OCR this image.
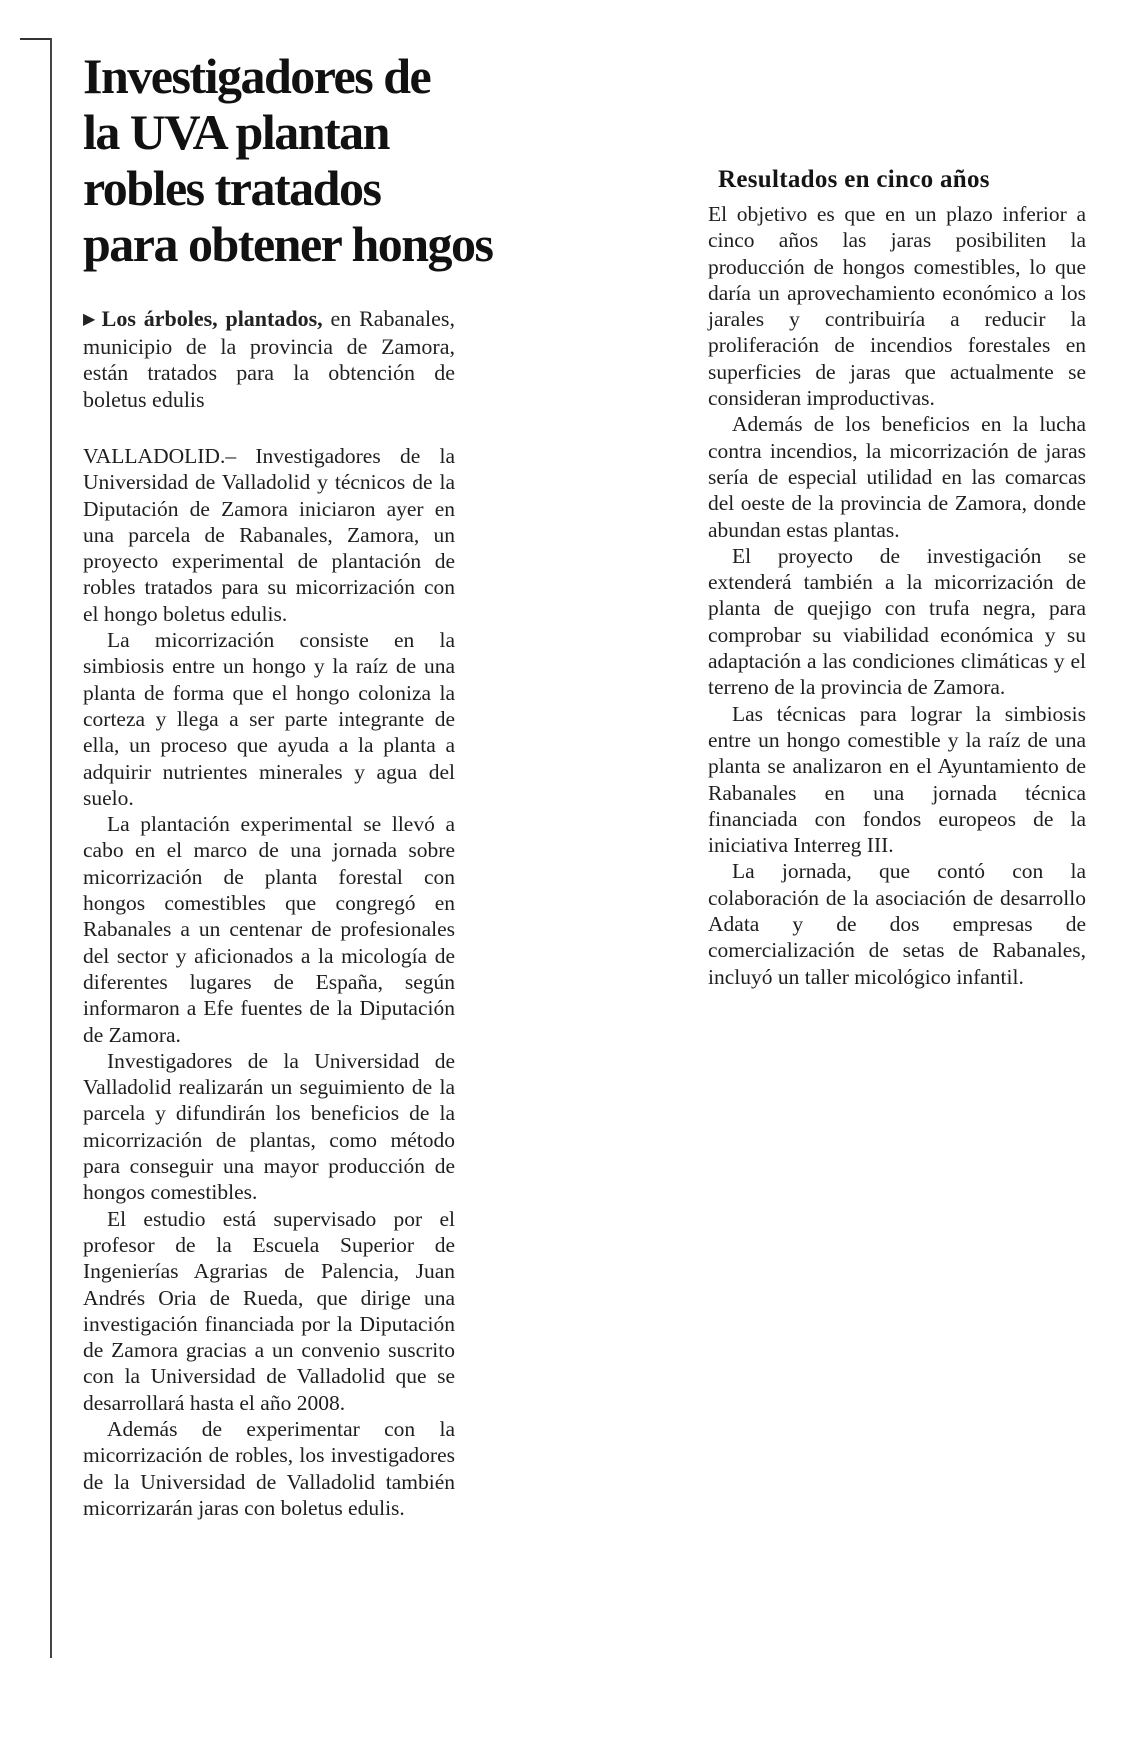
Investigadores de
la UVA plantan
robles tratados
para obtener hongos

▶ Los árboles, plantados, en Rabanales, municipio de la provincia de Zamora, están tratados para la obtención de boletus edulis

VALLADOLID.– Investigadores de la Universidad de Valladolid y técnicos de la Diputación de Zamora iniciaron ayer en una parcela de Rabanales, Zamora, un proyecto experimental de plantación de robles tratados para su micorrización con el hongo boletus edulis.

La micorrización consiste en la simbiosis entre un hongo y la raíz de una planta de forma que el hongo coloniza la corteza y llega a ser parte integrante de ella, un proceso que ayuda a la planta a adquirir nutrientes minerales y agua del suelo.

La plantación experimental se llevó a cabo en el marco de una jornada sobre micorrización de planta forestal con hongos comestibles que congregó en Rabanales a un centenar de profesionales del sector y aficionados a la micología de diferentes lugares de España, según informaron a Efe fuentes de la Diputación de Zamora.

Investigadores de la Universidad de Valladolid realizarán un seguimiento de la parcela y difundirán los beneficios de la micorrización de plantas, como método para conseguir una mayor producción de hongos comestibles.

El estudio está supervisado por el profesor de la Escuela Superior de Ingenierías Agrarias de Palencia, Juan Andrés Oria de Rueda, que dirige una investigación financiada por la Diputación de Zamora gracias a un convenio suscrito con la Universidad de Valladolid que se desarrollará hasta el año 2008.

Además de experimentar con la micorrización de robles, los investigadores de la Universidad de Valladolid también micorrizarán jaras con boletus edulis.

Resultados en cinco años

El objetivo es que en un plazo inferior a cinco años las jaras posibiliten la producción de hongos comestibles, lo que daría un aprovechamiento económico a los jarales y contribuiría a reducir la proliferación de incendios forestales en superficies de jaras que actualmente se consideran improductivas.

Además de los beneficios en la lucha contra incendios, la micorrización de jaras sería de especial utilidad en las comarcas del oeste de la provincia de Zamora, donde abundan estas plantas.

El proyecto de investigación se extenderá también a la micorrización de planta de quejigo con trufa negra, para comprobar su viabilidad económica y su adaptación a las condiciones climáticas y el terreno de la provincia de Zamora.

Las técnicas para lograr la simbiosis entre un hongo comestible y la raíz de una planta se analizaron en el Ayuntamiento de Rabanales en una jornada técnica financiada con fondos europeos de la iniciativa Interreg III.

La jornada, que contó con la colaboración de la asociación de desarrollo Adata y de dos empresas de comercialización de setas de Rabanales, incluyó un taller micológico infantil.
